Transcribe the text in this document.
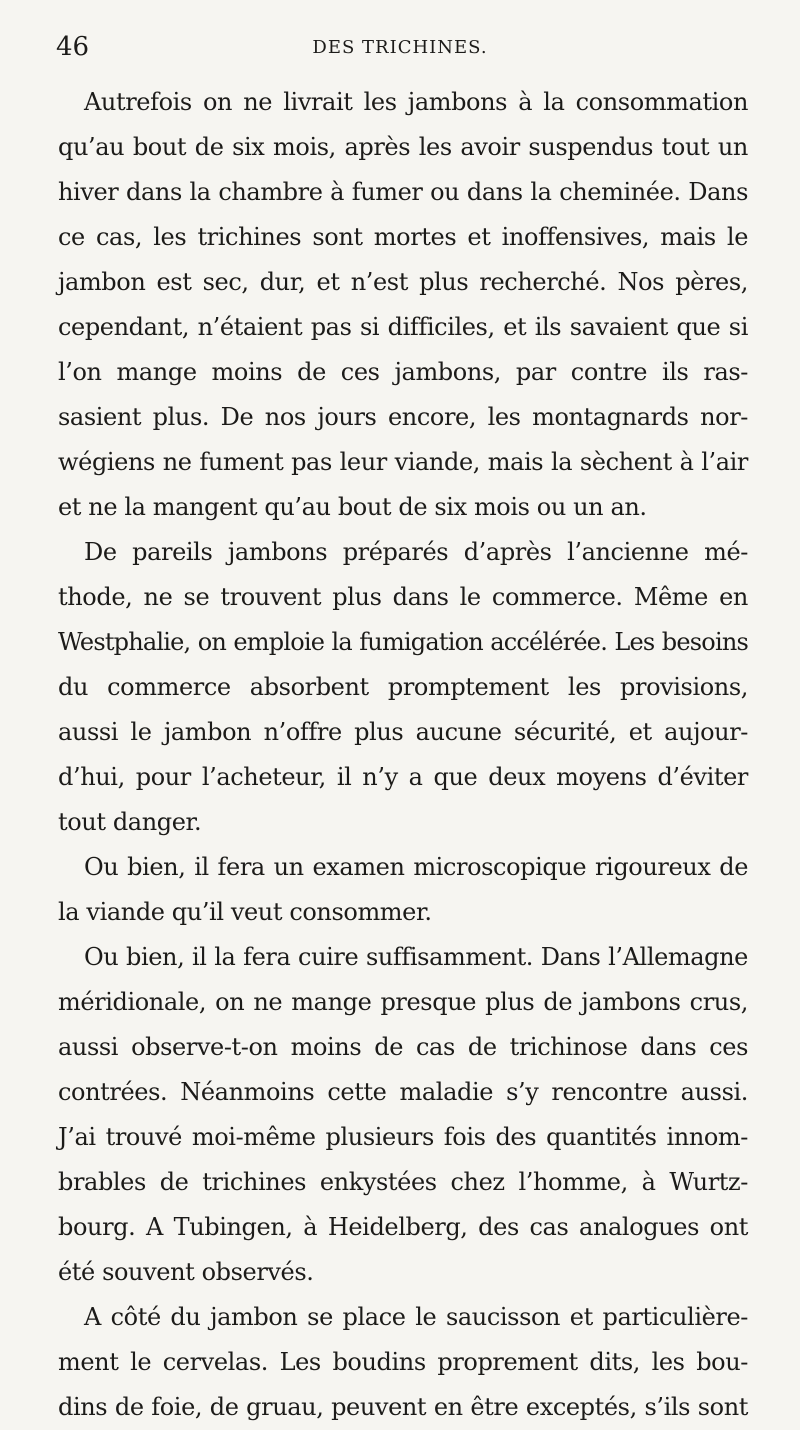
46	DES TRICHINES.
Autrefois on ne livrait les jambons à la consommation
qu’au bout de six mois, après les avoir suspendus tout un
hiver dans la chambre à fumer ou dans la cheminée. Dans
ce cas, les trichines sont mortes et inoffensives, mais le
jambon est sec, dur, et n’est plus recherché. Nos pères,
cependant, n’étaient pas si difficiles, et ils savaient que si
l’on mange moins de ces jambons, par contre ils ras-
sasient plus. De nos jours encore, les montagnards nor-
wégiens ne fument pas leur viande, mais la sèchent à l’air
et ne la mangent qu’au bout de six mois ou un an.
De pareils jambons préparés d’après l’ancienne mé-
thode, ne se trouvent plus dans le commerce. Même en
Westphalie, on emploie la fumigation accélérée. Les besoins
du commerce absorbent promptement les provisions,
aussi le jambon n’offre plus aucune sécurité, et aujour-
d’hui, pour l’acheteur, il n’y a que deux moyens d’éviter
tout danger.
Ou bien, il fera un examen microscopique rigoureux de
la viande qu’il veut consommer.
Ou bien, il la fera cuire suffisamment. Dans l’Allemagne
méridionale, on ne mange presque plus de jambons crus,
aussi observe-t-on moins de cas de trichinose dans ces
contrées. Néanmoins cette maladie s’y rencontre aussi.
J’ai trouvé moi-même plusieurs fois des quantités innom-
brables de trichines enkystées chez l’homme, à Wurtz-
bourg. A Tubingen, à Heidelberg, des cas analogues ont
été souvent observés.
A côté du jambon se place le saucisson et particulière-
ment le cervelas. Les boudins proprement dits, les bou-
dins de foie, de gruau, peuvent en être exceptés, s’ils sont
